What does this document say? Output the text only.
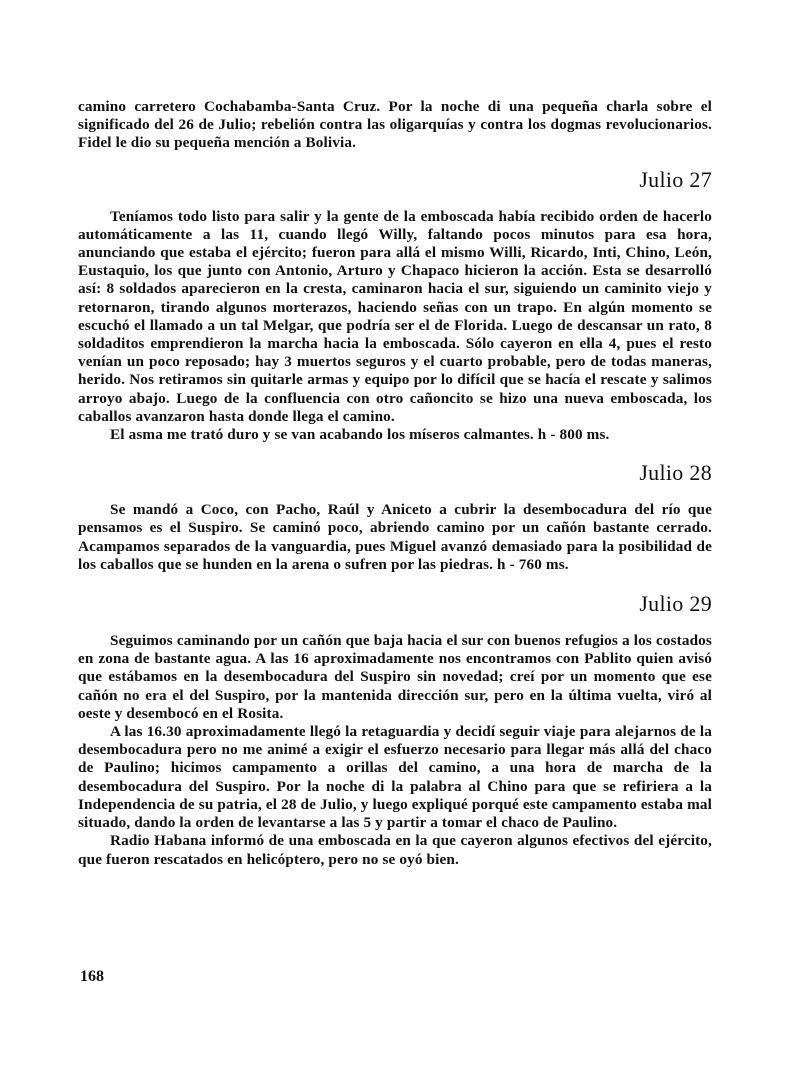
camino carretero Cochabamba-Santa Cruz. Por la noche di una pequeña charla sobre el significado del 26 de Julio; rebelión contra las oligarquías y contra los dogmas revolucionarios. Fidel le dio su pequeña mención a Bolivia.

Julio 27

Teníamos todo listo para salir y la gente de la emboscada había recibido orden de hacerlo automáticamente a las 11, cuando llegó Willy, faltando pocos minutos para esa hora, anunciando que estaba el ejército; fueron para allá el mismo Willi, Ricardo, Inti, Chino, León, Eustaquio, los que junto con Antonio, Arturo y Chapaco hicieron la acción. Esta se desarrolló así: 8 soldados aparecieron en la cresta, caminaron hacia el sur, siguiendo un caminito viejo y retornaron, tirando algunos morterazos, haciendo señas con un trapo. En algún momento se escuchó el llamado a un tal Melgar, que podría ser el de Florida. Luego de descansar un rato, 8 soldaditos emprendieron la marcha hacia la emboscada. Sólo cayeron en ella 4, pues el resto venían un poco reposado; hay 3 muertos seguros y el cuarto probable, pero de todas maneras, herido. Nos retiramos sin quitarle armas y equipo por lo difícil que se hacía el rescate y salimos arroyo abajo. Luego de la confluencia con otro cañoncito se hizo una nueva emboscada, los caballos avanzaron hasta donde llega el camino.

El asma me trató duro y se van acabando los míseros calmantes. h - 800 ms.

Julio 28

Se mandó a Coco, con Pacho, Raúl y Aniceto a cubrir la desembocadura del río que pensamos es el Suspiro. Se caminó poco, abriendo camino por un cañón bastante cerrado. Acampamos separados de la vanguardia, pues Miguel avanzó demasiado para la posibilidad de los caballos que se hunden en la arena o sufren por las piedras. h - 760 ms.

Julio 29

Seguimos caminando por un cañón que baja hacia el sur con buenos refugios a los costados en zona de bastante agua. A las 16 aproximadamente nos encontramos con Pablito quien avisó que estábamos en la desembocadura del Suspiro sin novedad; creí por un momento que ese cañón no era el del Suspiro, por la mantenida dirección sur, pero en la última vuelta, viró al oeste y desembocó en el Rosita.

A las 16.30 aproximadamente llegó la retaguardia y decidí seguir viaje para alejarnos de la desembocadura pero no me animé a exigir el esfuerzo necesario para llegar más allá del chaco de Paulino; hicimos campamento a orillas del camino, a una hora de marcha de la desembocadura del Suspiro. Por la noche di la palabra al Chino para que se refiriera a la Independencia de su patria, el 28 de Julio, y luego expliqué porqué este campamento estaba mal situado, dando la orden de levantarse a las 5 y partir a tomar el chaco de Paulino.

Radio Habana informó de una emboscada en la que cayeron algunos efectivos del ejército, que fueron rescatados en helicóptero, pero no se oyó bien.

168
